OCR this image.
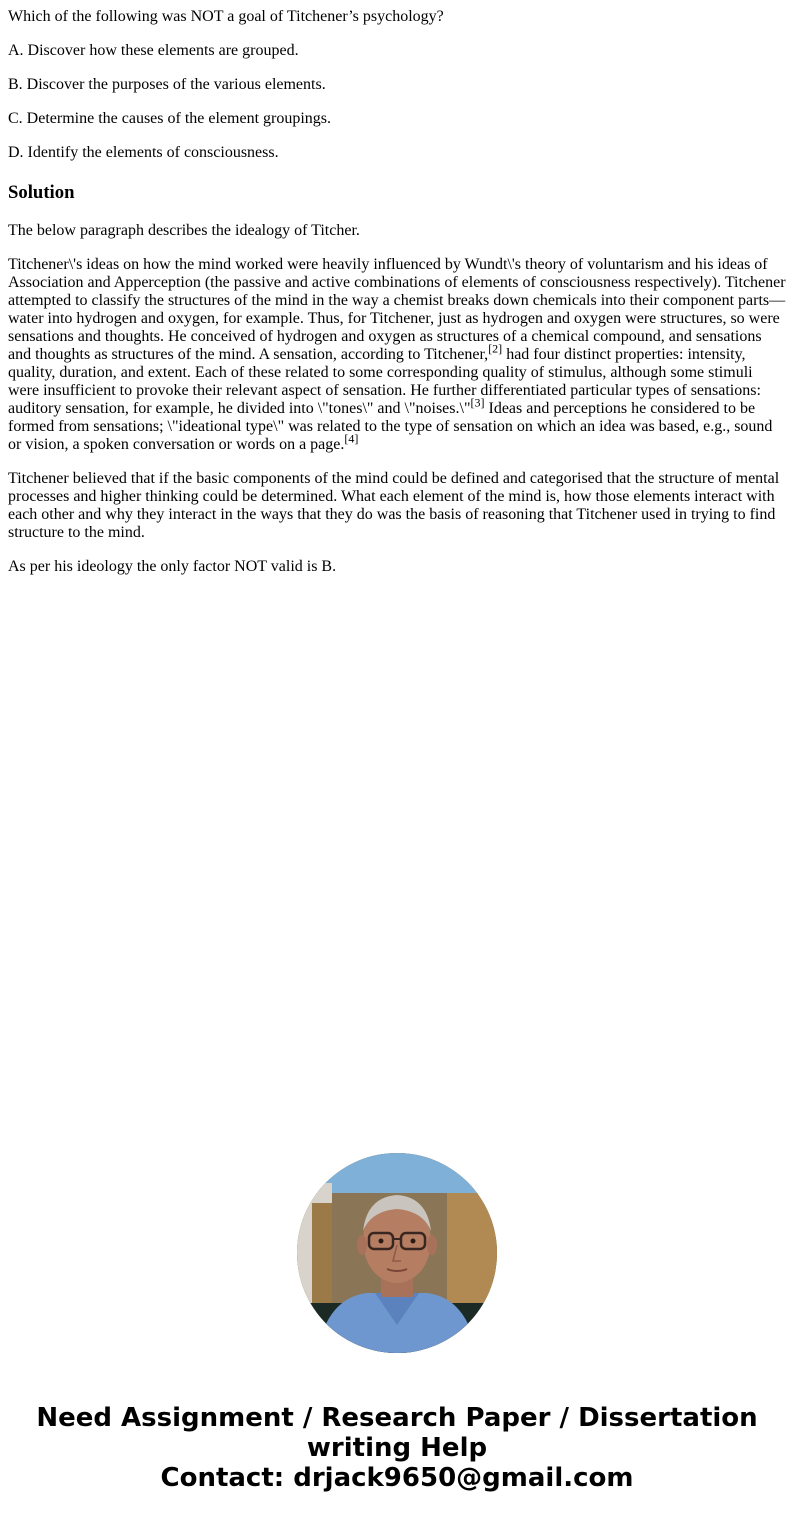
Which of the following was NOT a goal of Titchener’s psychology?

A. Discover how these elements are grouped.

B. Discover the purposes of the various elements.

C. Determine the causes of the element groupings.

D. Identify the elements of consciousness.

Solution

The below paragraph describes the idealogy of Titcher.

Titchener\'s ideas on how the mind worked were heavily influenced by Wundt\'s theory of voluntarism and his ideas of Association and Apperception (the passive and active combinations of elements of consciousness respectively). Titchener attempted to classify the structures of the mind in the way a chemist breaks down chemicals into their component parts—water into hydrogen and oxygen, for example. Thus, for Titchener, just as hydrogen and oxygen were structures, so were sensations and thoughts. He conceived of hydrogen and oxygen as structures of a chemical compound, and sensations and thoughts as structures of the mind. A sensation, according to Titchener,[2] had four distinct properties: intensity, quality, duration, and extent. Each of these related to some corresponding quality of stimulus, although some stimuli were insufficient to provoke their relevant aspect of sensation. He further differentiated particular types of sensations: auditory sensation, for example, he divided into \"tones\" and \"noises.\"[3] Ideas and perceptions he considered to be formed from sensations; \"ideational type\" was related to the type of sensation on which an idea was based, e.g., sound or vision, a spoken conversation or words on a page.[4]

Titchener believed that if the basic components of the mind could be defined and categorised that the structure of mental processes and higher thinking could be determined. What each element of the mind is, how those elements interact with each other and why they interact in the ways that they do was the basis of reasoning that Titchener used in trying to find structure to the mind.

As per his ideology the only factor NOT valid is B.

Need Assignment / Research Paper / Dissertation writing Help
Contact: drjack9650@gmail.com
